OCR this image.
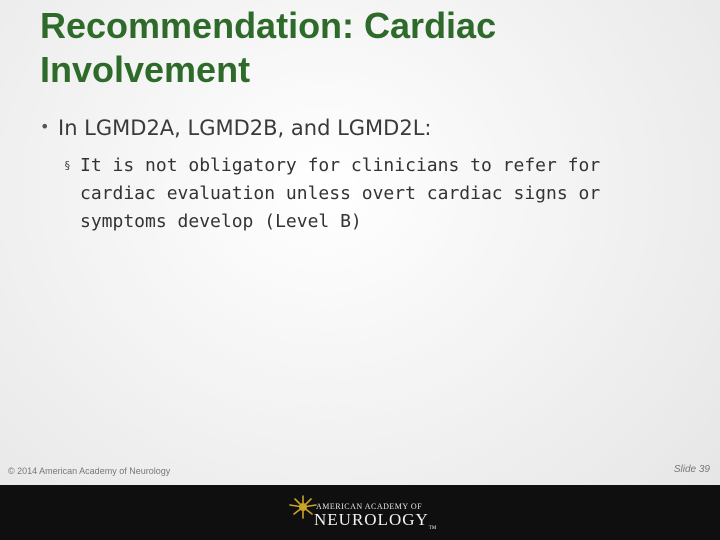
Recommendation: Cardiac Involvement
• In LGMD2A, LGMD2B, and LGMD2L:
§ It is not obligatory for clinicians to refer for cardiac evaluation unless overt cardiac signs or symptoms develop (Level B)
© 2014 American Academy of Neurology	Slide 39
AMERICAN ACADEMY OF
$NEUROLOGY_{TM}$
